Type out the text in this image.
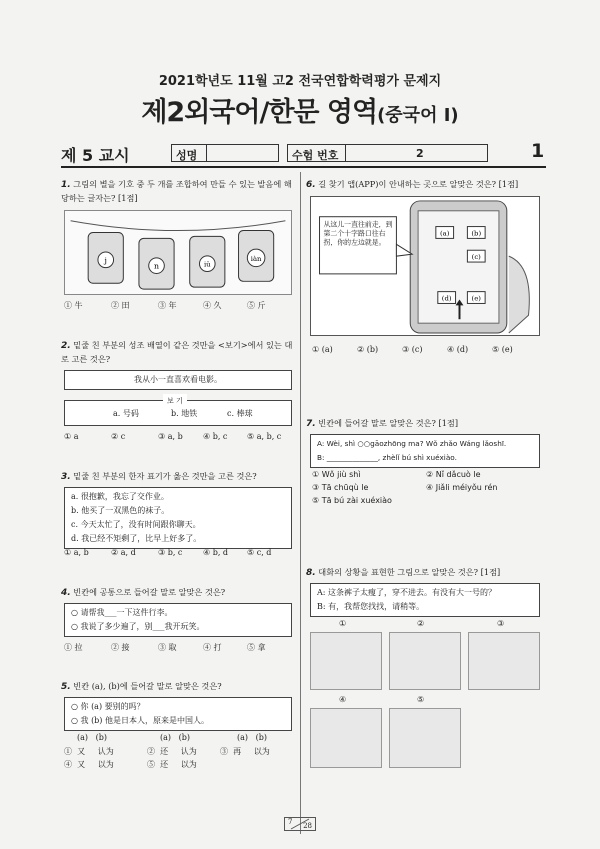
2021학년도 11월 고2 전국연합학력평가 문제지
제2외국어/한문 영역(중국어 Ⅰ)
제 5 교시	성명	수험 번호	2	1
1. 그림의 별을 기호 중 두 개를 조합하여 만들 수 있는 발음에 해당하는 글자는? [1점]
j
n	iǔ
iàn
① 牛	② 田	③ 年	④ 久	⑤ 斤
2. 밑줄 친 부분의 성조 배열이 같은 것만을 <보기>에서 있는 대로 고른 것은?
我从小一直喜欢看电影。
보 기
a. 号码	b. 地铁	c. 棒球
① a	② c	③ a, b	④ b, c ⑤ a, b, c
3. 밑줄 친 부분의 한자 표기가 옳은 것만을 고른 것은?
a. 很抱歉，我忘了交作业。
b. 他买了一双黑色的袜子。
c. 今天太忙了，没有时间跟你聊天。
d. 我已经不矩剩了，比早上好多了。
① a, b	② a, d	③ b, c	④ b, d ⑤ c, d
4. 빈칸에 공통으로 들어갈 말로 알맞은 것은?
○ 请帮我___一下这件行李。
○ 我说了多少遍了，别___我开玩笑。
① 拉	② 接	③ 取	④ 打	⑤ 拿
5. 빈칸 (a), (b)에 들어갈 말로 알맞은 것은?
○ 你 (a) 要别的吗？
○ 我 (b) 他是日本人，原来是中国人。
(a)   (b)	(a)   (b)	(a)   (b)
①  又     认为	②  还     认为	③  再     以为
④  又     以为	⑤  还     以为
6. 길 찾기 앱(APP)이 안내하는 곳으로 알맞은 것은? [1점]
从这儿一直往前走，到第二个十字路口往右拐，你的左边就是。
(a)	(b)
(c)
(d)	(e)
① (a)	② (b)	③ (c)	④ (d)	⑤ (e)
7. 빈칸에 들어갈 말로 알맞은 것은? [1점]
A: Wèi, shì ○○gāozhōng ma? Wǒ zhǎo Wáng lǎoshī.
B: ______________, zhèlǐ bú shì xuéxiào.
① Wǒ jiù shì	② Nǐ dǎcuò le
③ Tā chūqù le	④ Jiǎli méiyǒu rén
⑤ Tā bú zài xuéxiào
8. 대화의 상황을 표현한 그림으로 알맞은 것은? [1점]
A: 这条裤子太瘦了，穿不进去。有没有大一号的？
B: 有，我帮您找找，请稍等。
①	②	③
④	⑤
7 28
